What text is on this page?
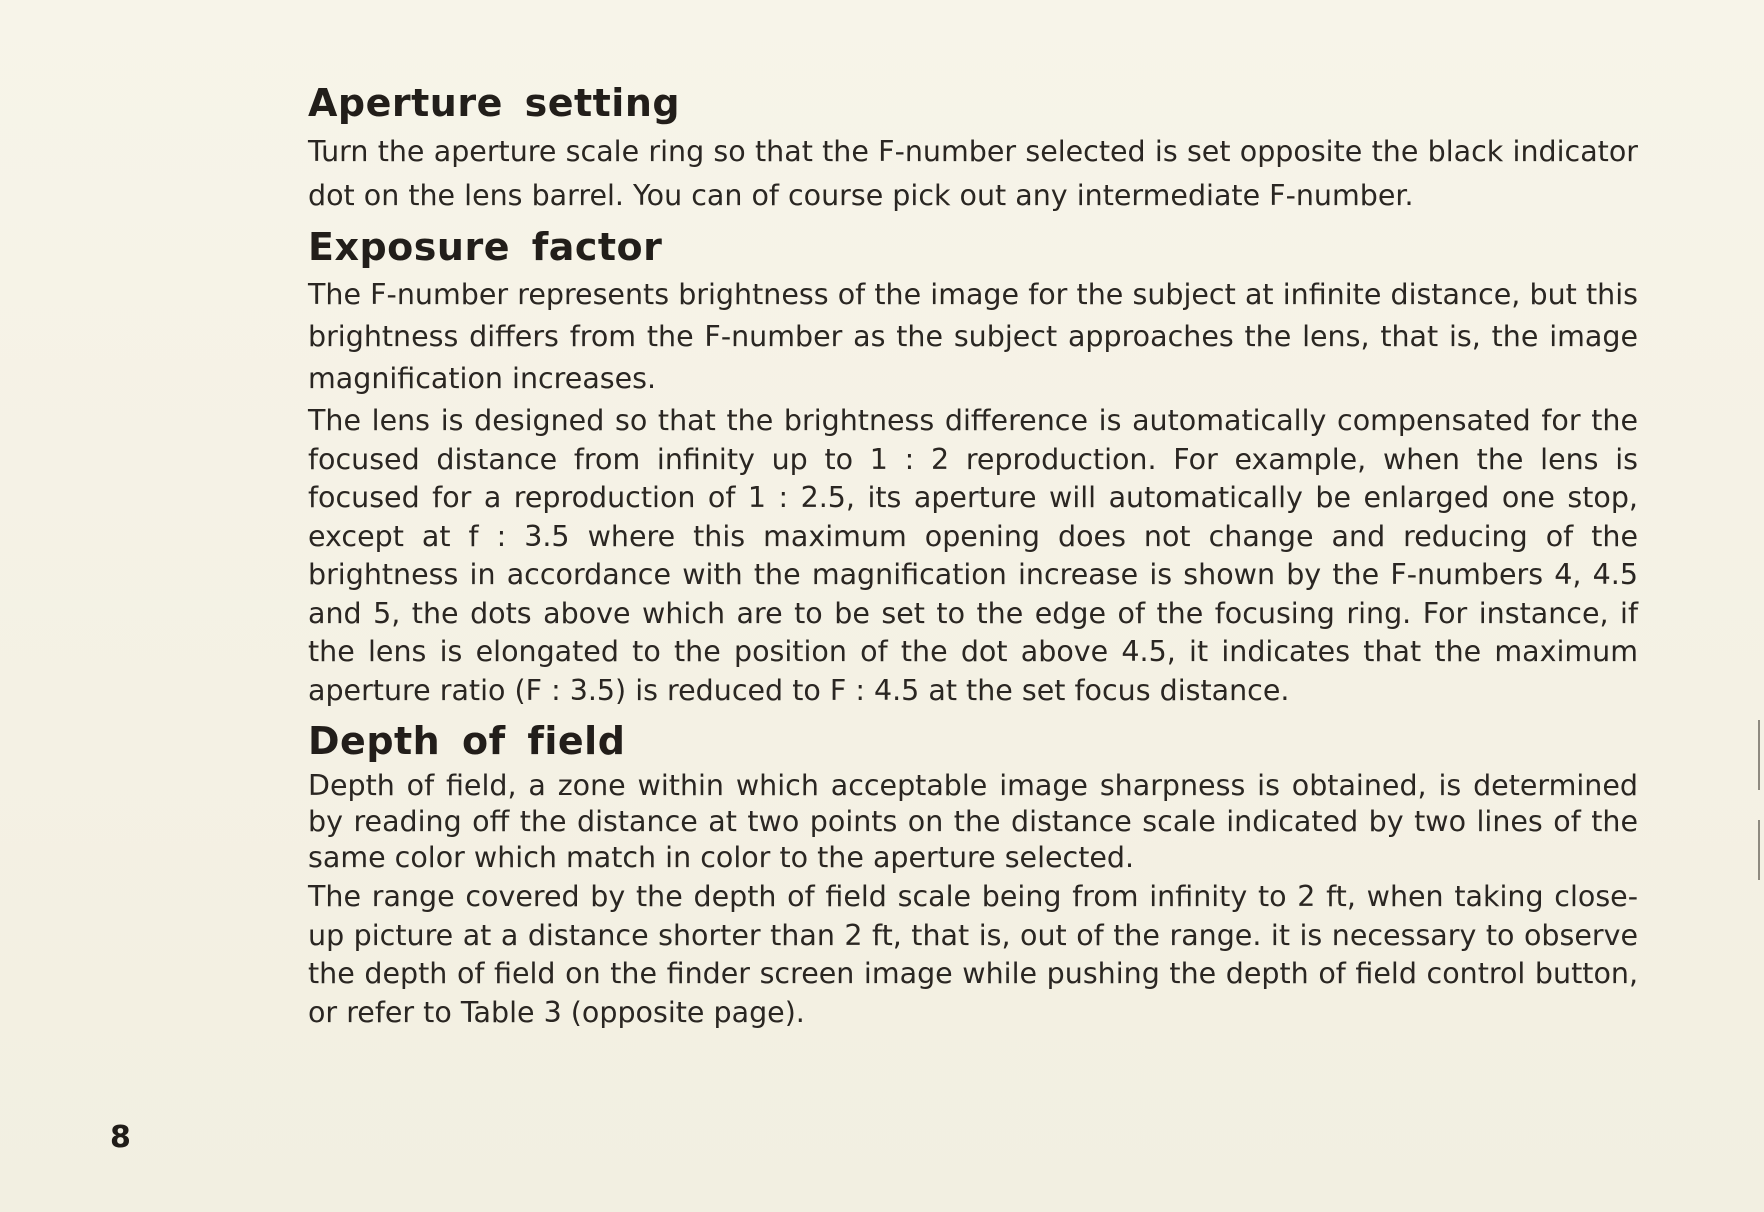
Aperture setting

Turn the aperture scale ring so that the F-number selected is set opposite the black indicator dot on the lens barrel. You can of course pick out any intermediate F-number.

Exposure factor

The F-number represents brightness of the image for the subject at infinite distance, but this brightness differs from the F-number as the subject approaches the lens, that is, the image magnification increases.

The lens is designed so that the brightness difference is automatically compensated for the focused distance from infinity up to 1 : 2 reproduction. For example, when the lens is focused for a reproduction of 1 : 2.5, its aperture will automatically be enlarged one stop, except at f : 3.5 where this maximum opening does not change and reducing of the brightness in accordance with the magnification increase is shown by the F-numbers 4, 4.5 and 5, the dots above which are to be set to the edge of the focusing ring. For instance, if the lens is elongated to the position of the dot above 4.5, it indicates that the maximum aperture ratio (F : 3.5) is reduced to F : 4.5 at the set focus distance.

Depth of field

Depth of field, a zone within which acceptable image sharpness is obtained, is determined by reading off the distance at two points on the distance scale indicated by two lines of the same color which match in color to the aperture selected.

The range covered by the depth of field scale being from infinity to 2 ft, when taking close-up picture at a distance shorter than 2 ft, that is, out of the range. it is necessary to observe the depth of field on the finder screen image while pushing the depth of field control button, or refer to Table 3 (opposite page).

8
